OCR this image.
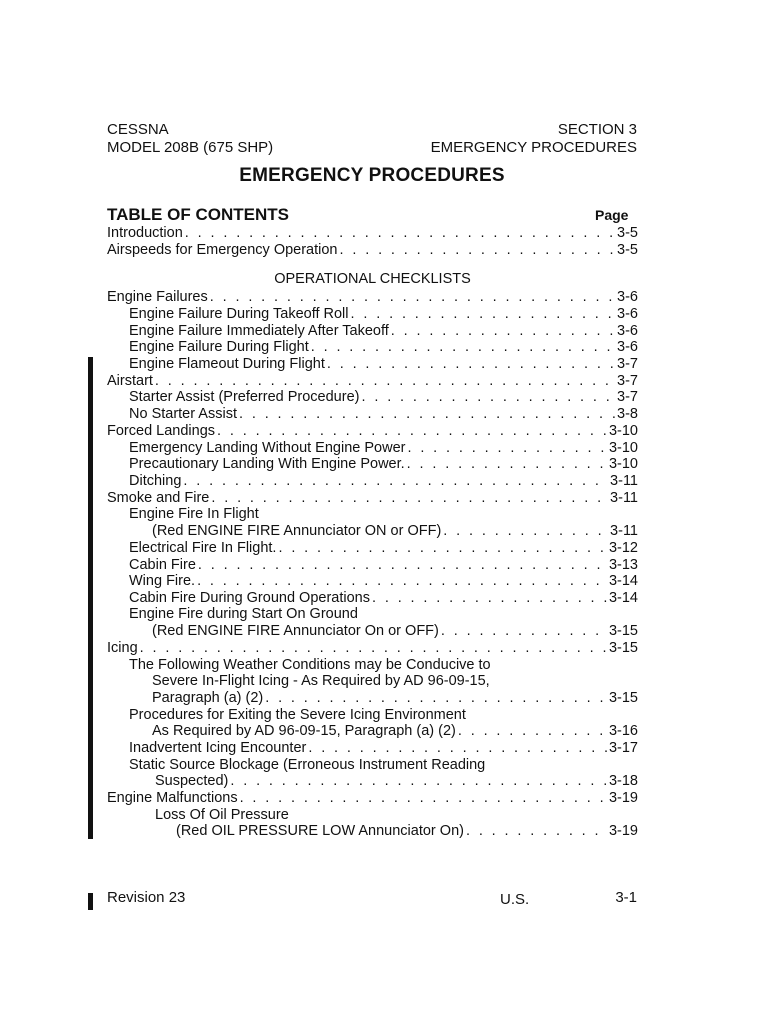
CESSNA
MODEL 208B (675 SHP)
SECTION 3
EMERGENCY PROCEDURES
EMERGENCY PROCEDURES
TABLE OF CONTENTS	Page
Introduction . . .	3-5
Airspeeds for Emergency Operation . . .	3-5
OPERATIONAL CHECKLISTS
Engine Failures . . .	3-6
Engine Failure During Takeoff Roll . . .	3-6
Engine Failure Immediately After Takeoff . . .	3-6
Engine Failure During Flight . . .	3-6
Engine Flameout During Flight . . .	3-7
Airstart . . .	3-7
Starter Assist (Preferred Procedure) . . .	3-7
No Starter Assist . . .	3-8
Forced Landings . . .	3-10
Emergency Landing Without Engine Power . . .	3-10
Precautionary Landing With Engine Power. . . .	3-10
Ditching . . .	3-11
Smoke and Fire . . .	3-11
Engine Fire In Flight
(Red ENGINE FIRE Annunciator ON or OFF) . . .	3-11
Electrical Fire In Flight. . . .	3-12
Cabin Fire . . .	3-13
Wing Fire. . . .	3-14
Cabin Fire During Ground Operations . . .	3-14
Engine Fire during Start On Ground
(Red ENGINE FIRE Annunciator On or OFF) . . .	3-15
Icing . . .	3-15
The Following Weather Conditions may be Conducive to
Severe In-Flight Icing - As Required by AD 96-09-15,
Paragraph (a) (2) . . .	3-15
Procedures for Exiting the Severe Icing Environment
As Required by AD 96-09-15, Paragraph (a) (2) . . .	3-16
Inadvertent Icing Encounter . . .	3-17
Static Source Blockage (Erroneous Instrument Reading
Suspected) . . .	3-18
Engine Malfunctions . . .	3-19
Loss Of Oil Pressure
(Red OIL PRESSURE LOW Annunciator On) . . .	3-19
Revision 23	U.S.	3-1
